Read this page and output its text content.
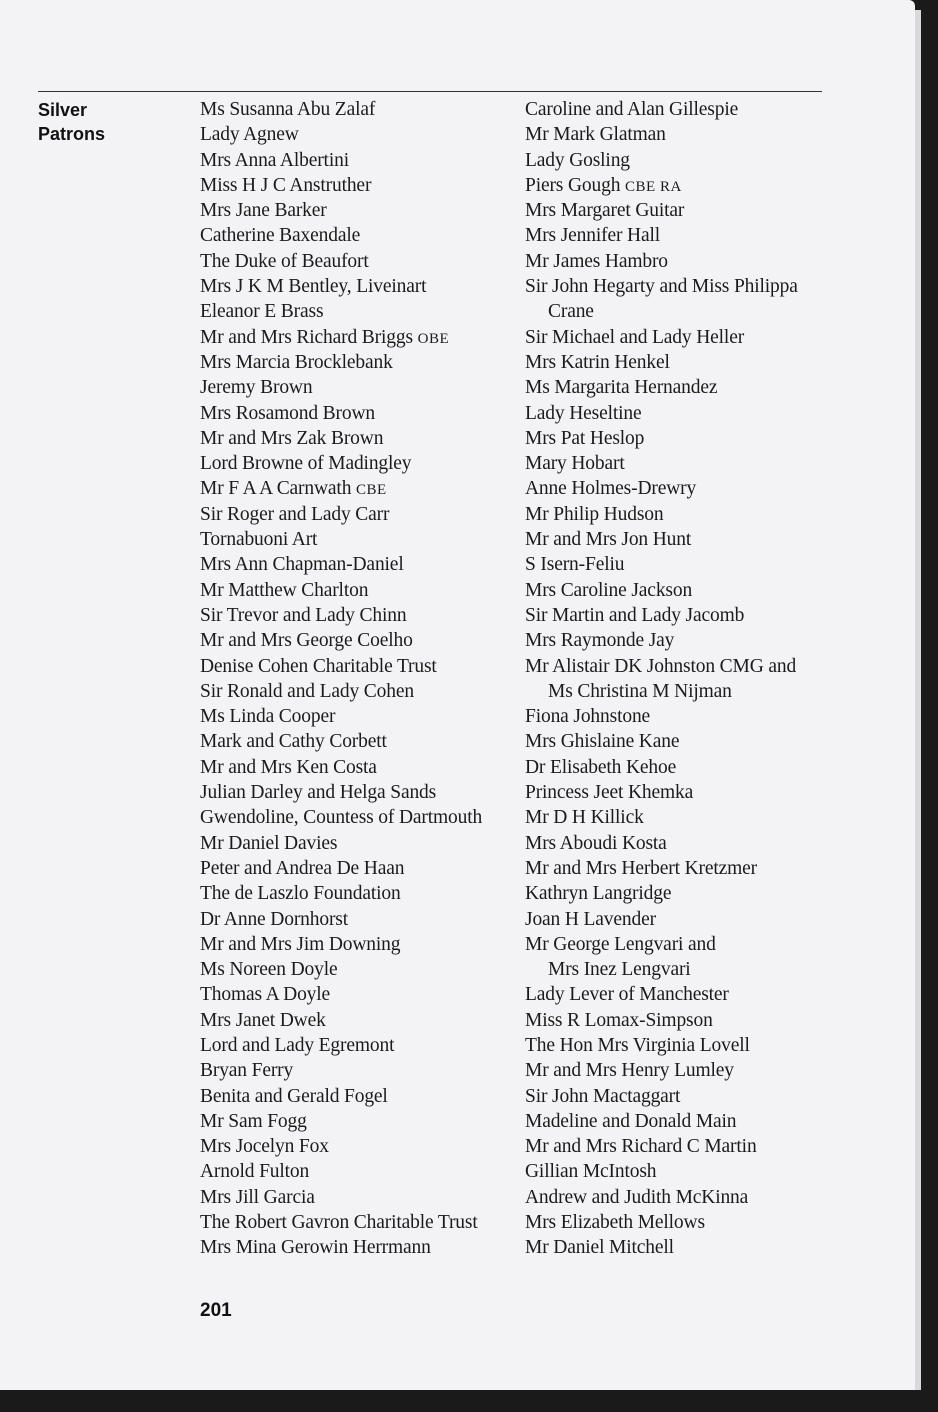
Silver
Patrons
Ms Susanna Abu Zalaf
Lady Agnew
Mrs Anna Albertini
Miss H J C Anstruther
Mrs Jane Barker
Catherine Baxendale
The Duke of Beaufort
Mrs J K M Bentley, Liveinart
Eleanor E Brass
Mr and Mrs Richard Briggs OBE
Mrs Marcia Brocklebank
Jeremy Brown
Mrs Rosamond Brown
Mr and Mrs Zak Brown
Lord Browne of Madingley
Mr F A A Carnwath CBE
Sir Roger and Lady Carr
Tornabuoni Art
Mrs Ann Chapman-Daniel
Mr Matthew Charlton
Sir Trevor and Lady Chinn
Mr and Mrs George Coelho
Denise Cohen Charitable Trust
Sir Ronald and Lady Cohen
Ms Linda Cooper
Mark and Cathy Corbett
Mr and Mrs Ken Costa
Julian Darley and Helga Sands
Gwendoline, Countess of Dartmouth
Mr Daniel Davies
Peter and Andrea De Haan
The de Laszlo Foundation
Dr Anne Dornhorst
Mr and Mrs Jim Downing
Ms Noreen Doyle
Thomas A Doyle
Mrs Janet Dwek
Lord and Lady Egremont
Bryan Ferry
Benita and Gerald Fogel
Mr Sam Fogg
Mrs Jocelyn Fox
Arnold Fulton
Mrs Jill Garcia
The Robert Gavron Charitable Trust
Mrs Mina Gerowin Herrmann
Caroline and Alan Gillespie
Mr Mark Glatman
Lady Gosling
Piers Gough CBE RA
Mrs Margaret Guitar
Mrs Jennifer Hall
Mr James Hambro
Sir John Hegarty and Miss Philippa
Crane
Sir Michael and Lady Heller
Mrs Katrin Henkel
Ms Margarita Hernandez
Lady Heseltine
Mrs Pat Heslop
Mary Hobart
Anne Holmes-Drewry
Mr Philip Hudson
Mr and Mrs Jon Hunt
S Isern-Feliu
Mrs Caroline Jackson
Sir Martin and Lady Jacomb
Mrs Raymonde Jay
Mr Alistair DK Johnston CMG and
Ms Christina M Nijman
Fiona Johnstone
Mrs Ghislaine Kane
Dr Elisabeth Kehoe
Princess Jeet Khemka
Mr D H Killick
Mrs Aboudi Kosta
Mr and Mrs Herbert Kretzmer
Kathryn Langridge
Joan H Lavender
Mr George Lengvari and
Mrs Inez Lengvari
Lady Lever of Manchester
Miss R Lomax-Simpson
The Hon Mrs Virginia Lovell
Mr and Mrs Henry Lumley
Sir John Mactaggart
Madeline and Donald Main
Mr and Mrs Richard C Martin
Gillian McIntosh
Andrew and Judith McKinna
Mrs Elizabeth Mellows
Mr Daniel Mitchell
201
